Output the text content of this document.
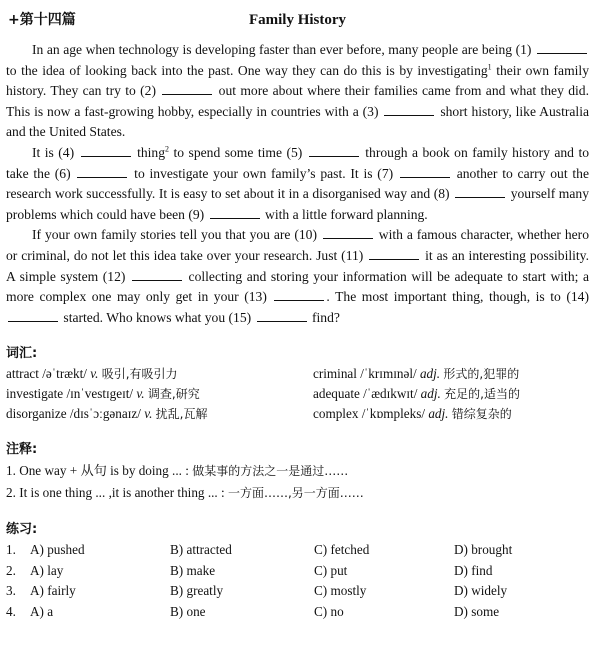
+第十四篇	Family History

In an age when technology is developing faster than ever before, many people are being (1)  to the idea of looking back into the past. One way they can do this is by investigating$^1$ their own family history. They can try to (2)	out more about where their families came from and what they did. This is now a fast-growing hobby, especially in countries with a (3)	short history, like Australia and the United States.

It is (4)	thing$^2$ to spend some time (5)	through a book on family history and to take the (6)	to investigate your own family’s past. It is (7)	another to carry out the research work successfully. It is easy to set about it in a disorganised way and (8)	yourself many problems which could have been (9)	with a little forward planning.

If your own family stories tell you that you are (10)	with a famous character, whether hero or criminal, do not let this idea take over your research. Just (11)	it as an interesting possibility. A simple system (12)	collecting and storing your information will be adequate to start with; a more complex one may only get in your (13)	. The most important thing, though, is to (14)  started. Who knows what you (15)	find?

词汇:
attract /əˈtrækt/ v. 吸引,有吸引力	criminal /ˈkrɪmɪnəl/ adj. 形式的,犯罪的
investigate /ɪnˈvestɪgeɪt/ v. 调查,研究	adequate /ˈædɪkwɪt/ adj. 充足的,适当的
disorganize /dɪsˈɔːgənaɪz/ v. 扰乱,瓦解	complex /ˈkɒmpleks/ adj. 错综复杂的
注释:
1. One way + 从句 is by doing ... : 做某事的方法之一是通过……
2. It is one thing ... ,it is another thing ... : 一方面……,另一方面……
练习:
1. A) pushed	B) attracted	C) fetched	D) brought
2. A) lay	B) make	C) put	D) find
3. A) fairly	B) greatly	C) mostly	D) widely
4. A) a	B) one	C) no	D) some
